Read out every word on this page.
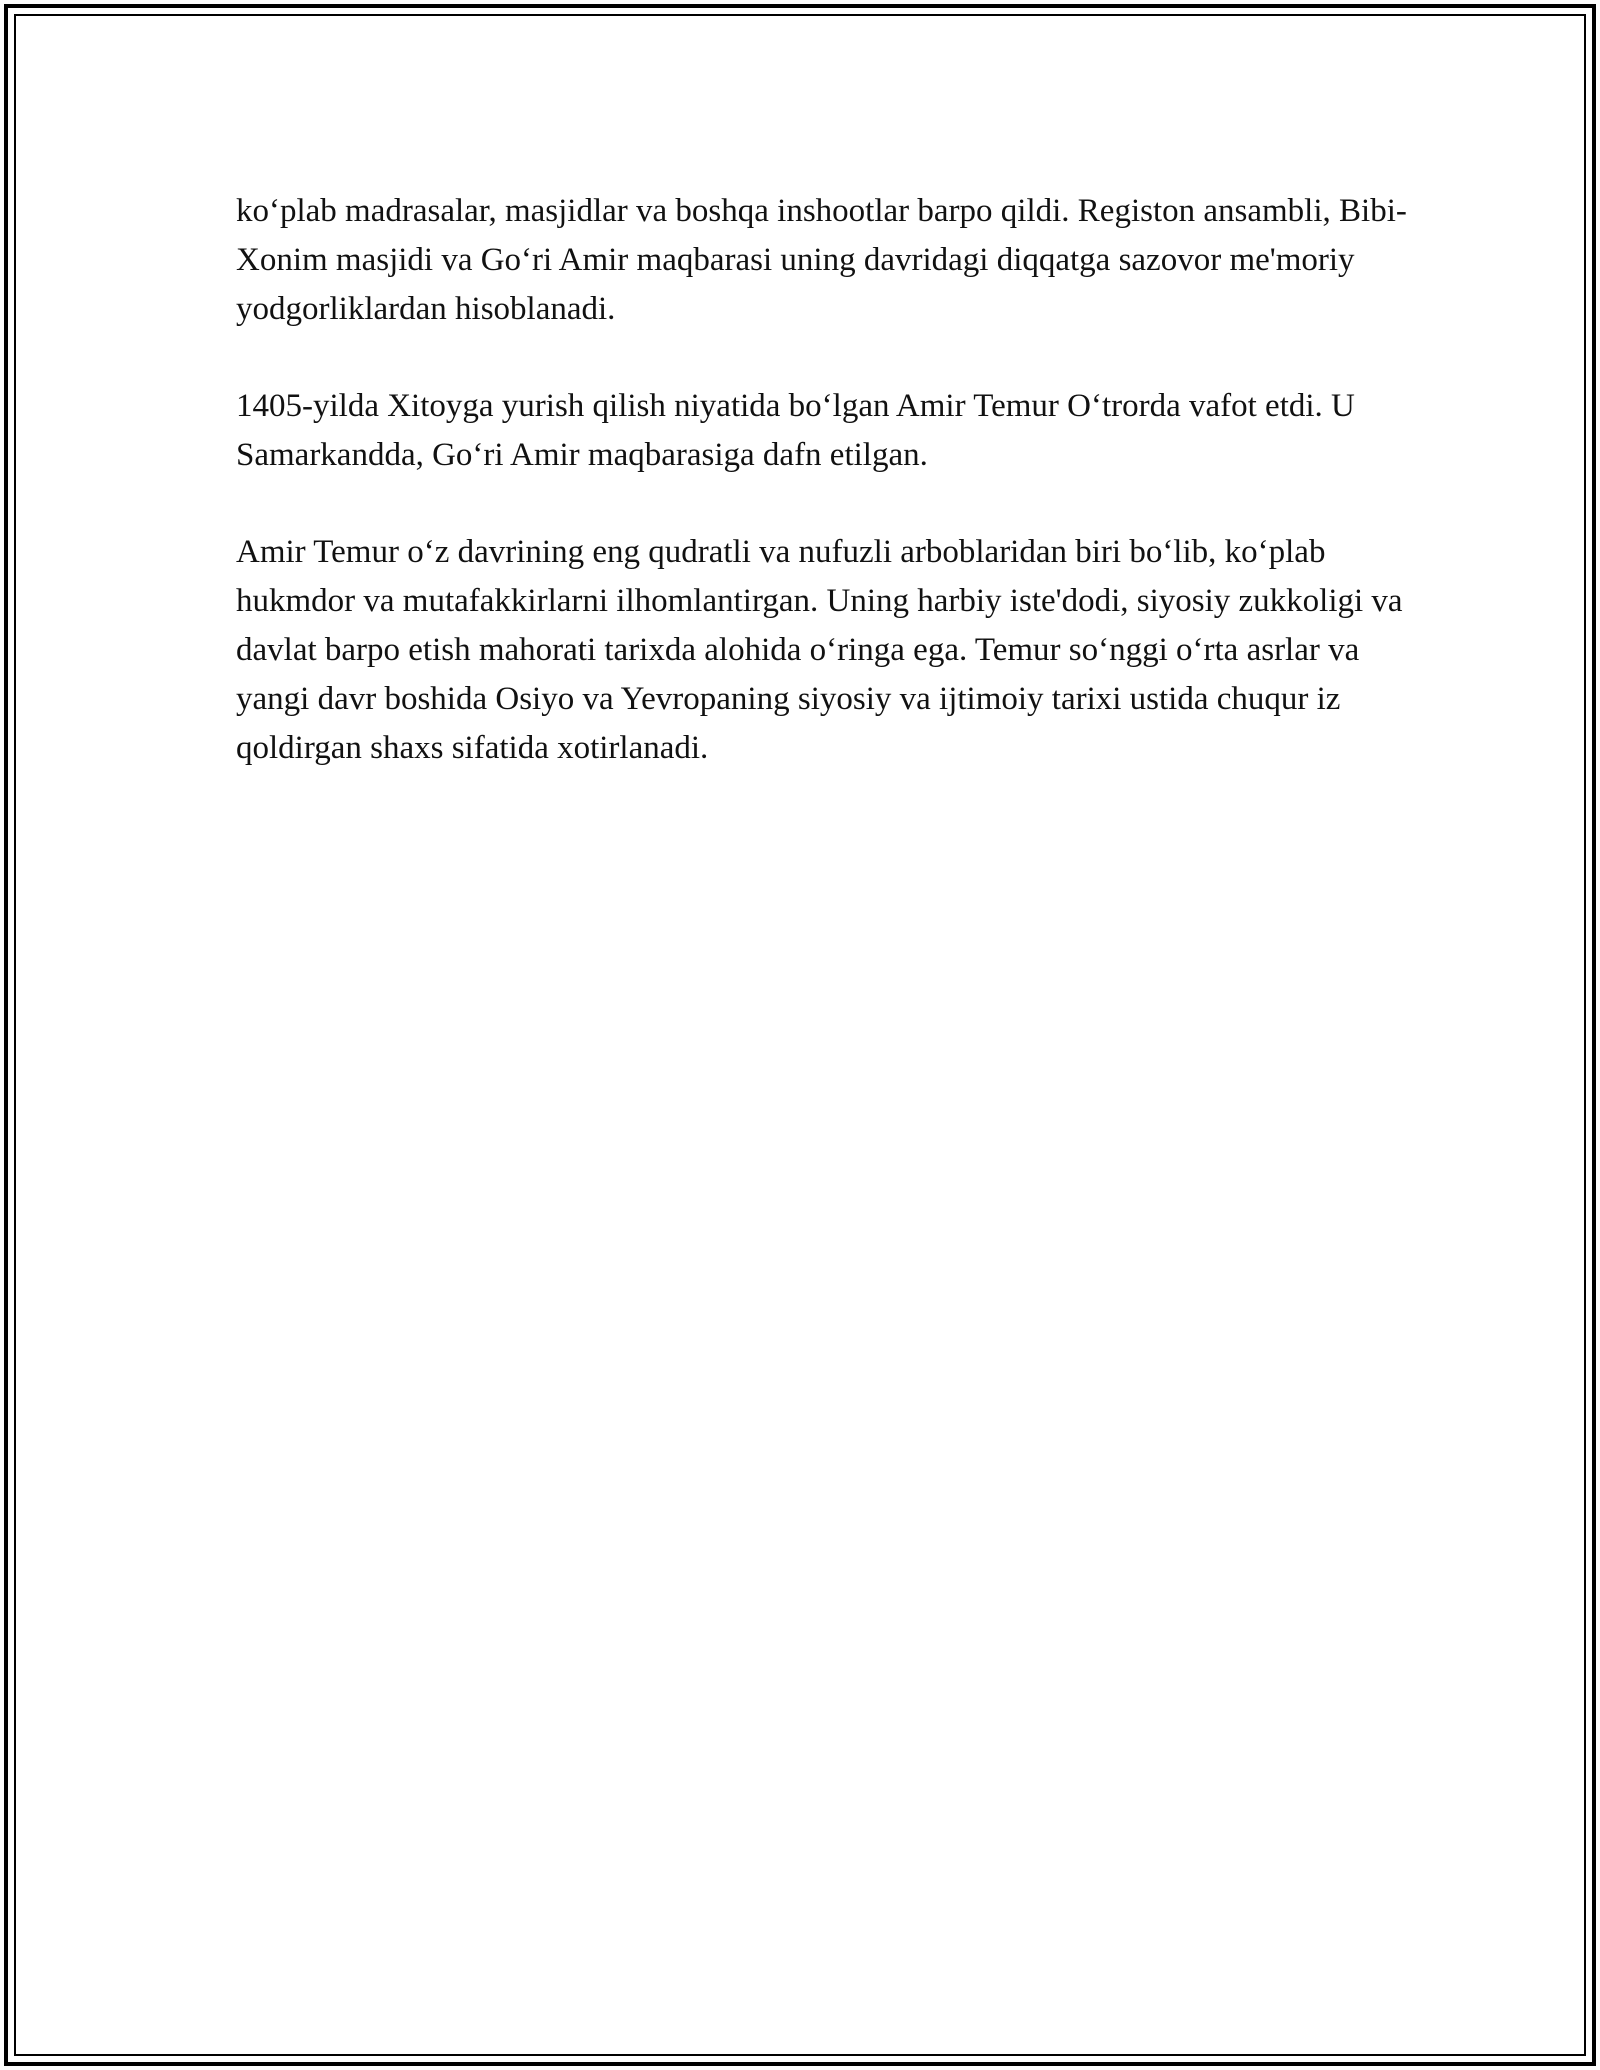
ko‘plab madrasalar, masjidlar va boshqa inshootlar barpo qildi. Registon ansambli, Bibi-Xonim masjidi va Go‘ri Amir maqbarasi uning davridagi diqqatga sazovor me'moriy yodgorliklardan hisoblanadi.

1405-yilda Xitoyga yurish qilish niyatida bo‘lgan Amir Temur O‘trorda vafot etdi. U Samarkandda, Go‘ri Amir maqbarasiga dafn etilgan.

Amir Temur o‘z davrining eng qudratli va nufuzli arboblaridan biri bo‘lib, ko‘plab hukmdor va mutafakkirlarni ilhomlantirgan. Uning harbiy iste'dodi, siyosiy zukkoligi va davlat barpo etish mahorati tarixda alohida o‘ringa ega. Temur so‘nggi o‘rta asrlar va yangi davr boshida Osiyo va Yevropaning siyosiy va ijtimoiy tarixi ustida chuqur iz qoldirgan shaxs sifatida xotirlanadi.
